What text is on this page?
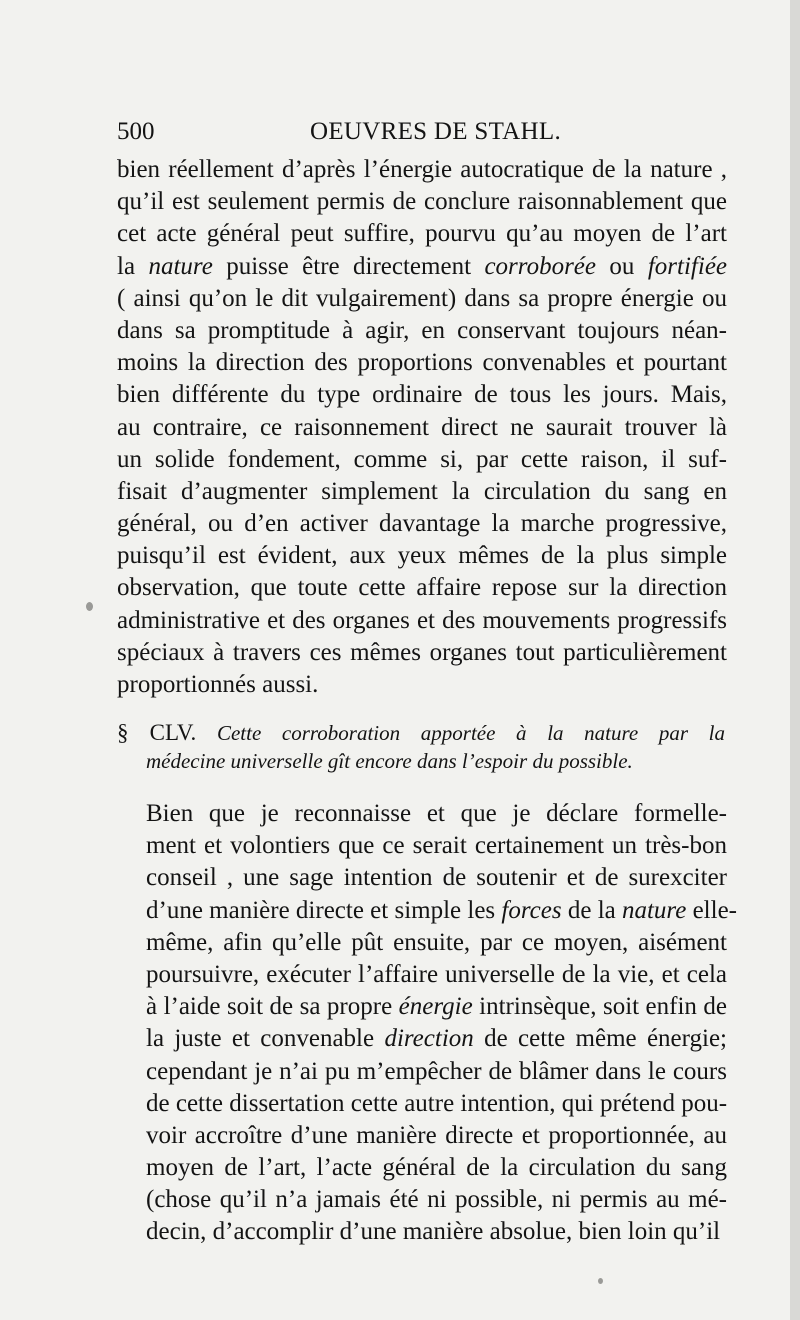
500	OEUVRES DE STAHL.
bien réellement d’après l’énergie autocratique de la nature ,
qu’il est seulement permis de conclure raisonnablement que
cet acte général peut suffire, pourvu qu’au moyen de l’art
la nature puisse être directement corroborée ou fortifiée
( ainsi qu’on le dit vulgairement) dans sa propre énergie ou
dans sa promptitude à agir, en conservant toujours néan-
moins la direction des proportions convenables et pourtant
bien différente du type ordinaire de tous les jours. Mais,
au contraire, ce raisonnement direct ne saurait trouver là
un solide fondement, comme si, par cette raison, il suf-
fisait d’augmenter simplement la circulation du sang en
général, ou d’en activer davantage la marche progressive,
puisqu’il est évident, aux yeux mêmes de la plus simple
observation, que toute cette affaire repose sur la direction
administrative et des organes et des mouvements progressifs
spéciaux à travers ces mêmes organes tout particulièrement
proportionnés aussi.
§ CLV. Cette corroboration apportée à la nature par la
médecine universelle gît encore dans l’espoir du possible.
Bien que je reconnaisse et que je déclare formelle-
ment et volontiers que ce serait certainement un très-bon
conseil , une sage intention de soutenir et de surexciter
d’une manière directe et simple les forces de la nature elle-
même, afin qu’elle pût ensuite, par ce moyen, aisément
poursuivre, exécuter l’affaire universelle de la vie, et cela
à l’aide soit de sa propre énergie intrinsèque, soit enfin de
la juste et convenable direction de cette même énergie;
cependant je n’ai pu m’empêcher de blâmer dans le cours
de cette dissertation cette autre intention, qui prétend pou-
voir accroître d’une manière directe et proportionnée, au
moyen de l’art, l’acte général de la circulation du sang
(chose qu’il n’a jamais été ni possible, ni permis au mé-
decin, d’accomplir d’une manière absolue, bien loin qu’il
